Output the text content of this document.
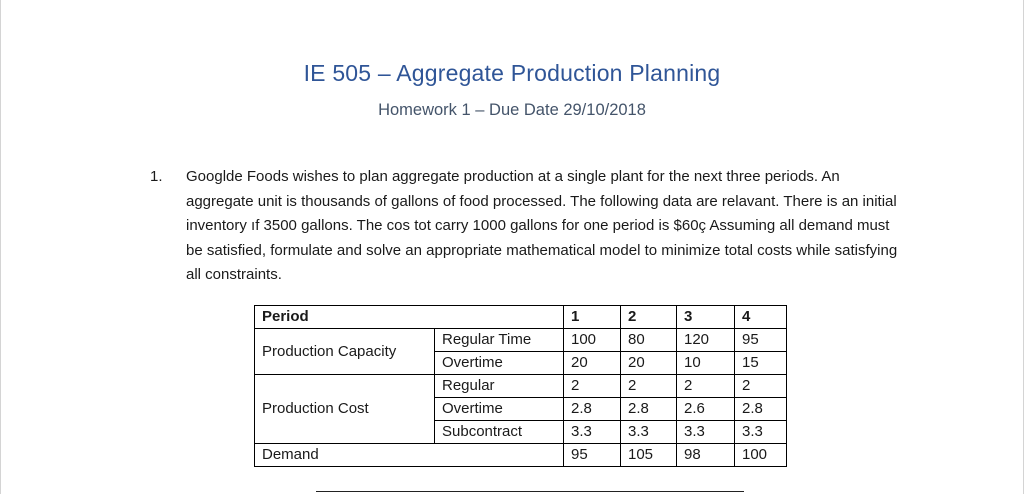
IE 505 – Aggregate Production Planning
Homework 1 – Due Date 29/10/2018
1. Googlde Foods wishes to plan aggregate production at a single plant for the next three periods. An aggregate unit is thousands of gallons of food processed. The following data are relavant. There is an initial inventory ıf 3500 gallons. The cos tot carry 1000 gallons for one period is $60ç Assuming all demand must be satisfied, formulate and solve an appropriate mathematical model to minimize total costs while satisfying all constraints.
Period		1	2	3	4
Production Capacity	Regular Time	100	80	120	95
	Overtime	20	20	10	15
Production Cost	Regular	2	2	2	2
	Overtime	2.8	2.8	2.6	2.8
	Subcontract	3.3	3.3	3.3	3.3
Demand		95	105	98	100
